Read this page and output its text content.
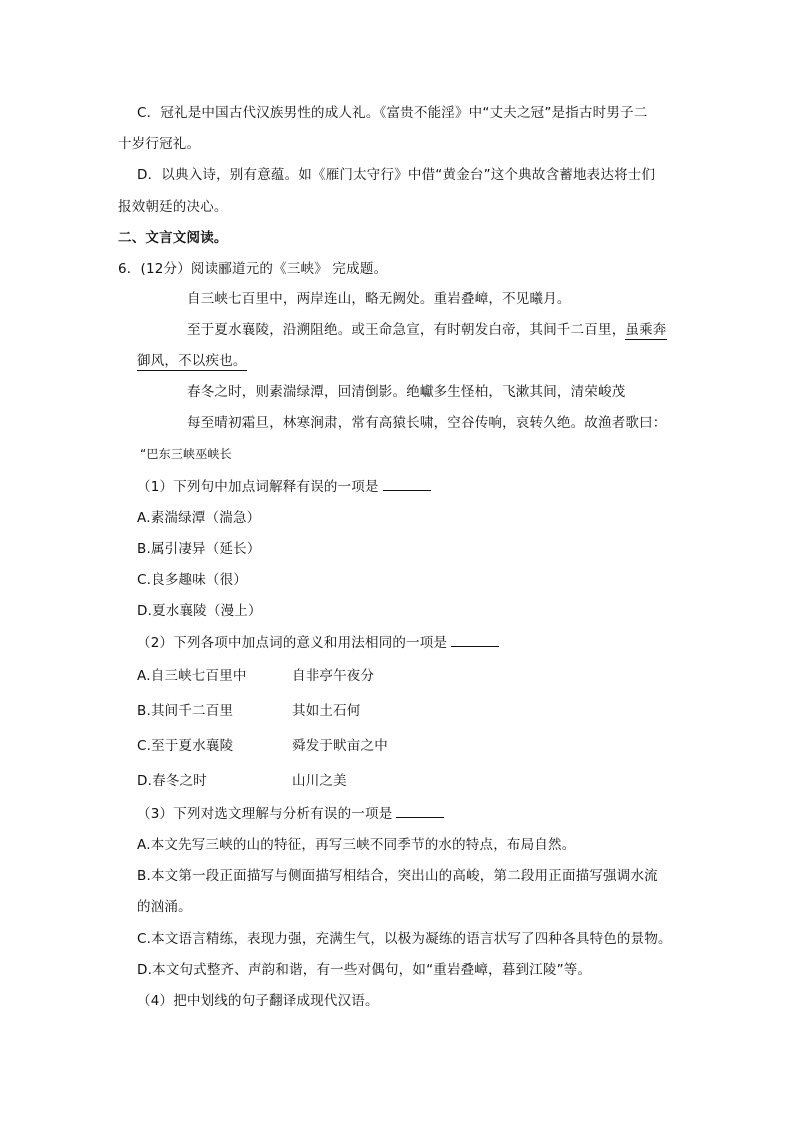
C．冠礼是中国古代汉族男性的成人礼。《富贵不能淫》中“丈夫之冠”是指古时男子二
十岁行冠礼。
D．以典入诗，别有意蕴。如《雁门太守行》中借“黄金台”这个典故含蓄地表达将士们
报效朝廷的决心。
二、文言文阅读。
6．(12分）阅读郦道元的《三峡》 完成题。
自三峡七百里中，两岸连山，略无阙处。重岩叠嶂，不见曦月。
至于夏水襄陵，沿溯阻绝。或王命急宣，有时朝发白帝，其间千二百里，虽乘奔
御风，不以疾也。
春冬之时，则素湍绿潭，回清倒影。绝巘多生怪柏，飞漱其间，清荣峻茂
每至晴初霜旦，林寒涧肃，常有高猿长啸，空谷传响，哀转久绝。故渔者歌曰：
“巴东三峡巫峡长
（1）下列句中加点词解释有误的一项是
A.素湍绿潭（湍急）
B.属引凄异（延长）
C.良多趣味（很）
D.夏水襄陵（漫上）
（2）下列各项中加点词的意义和用法相同的一项是
A.自三峡七百里中	自非亭午夜分
B.其间千二百里	其如土石何
C.至于夏水襄陵	舜发于畎亩之中
D.春冬之时	山川之美
（3）下列对选文理解与分析有误的一项是
A.本文先写三峡的山的特征，再写三峡不同季节的水的特点，布局自然。
B.本文第一段正面描写与侧面描写相结合，突出山的高峻，第二段用正面描写强调水流
的汹涌。
C.本文语言精练，表现力强，充满生气，以极为凝练的语言状写了四种各具特色的景物。
D.本文句式整齐、声韵和谐，有一些对偶句，如“重岩叠嶂，暮到江陵”等。
（4）把中划线的句子翻译成现代汉语。
